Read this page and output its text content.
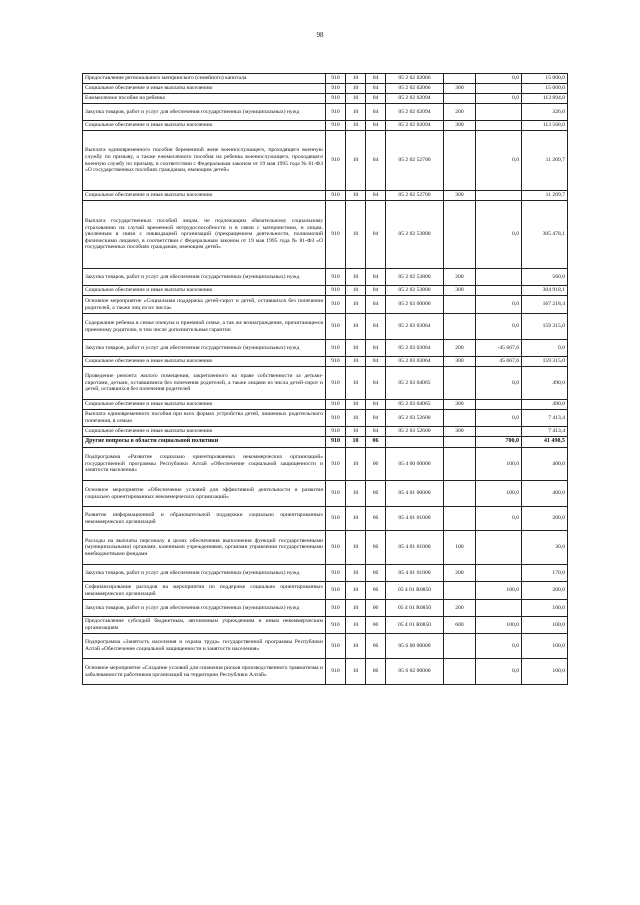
98
Предоставление регионального материнского (семейного) капитала	910	10	04	05 2 02 02066		0,0	15 000,0
Социальное обеспечение и иные выплаты населению	910	10	04	05 2 02 02066	300		15 000,0
Ежемесячное пособие на ребенка	910	10	04	05 2 02 02094		0,0	113 894,0
Закупка товаров, работ и услуг для обеспечения государственных (муниципальных) нужд	910	10	04	05 2 02 02094	200		326,0
Социальное обеспечение и иные выплаты населению	910	10	04	05 2 02 02094	300		113 568,0
Выплата единовременного пособия беременной жене военнослужащего, проходящего военную службу по призыву, а также ежемесячного пособия на ребенка военнослужащего, проходящего военную службу по призыву, в соответствии с Федеральным законом от 19 мая 1995 года № 81-ФЗ «О государственных пособиях гражданам, имеющим детей»	910	10	04	05 2 02 52700		0,0	11 209,7
Социальное обеспечение и иные выплаты населению	910	10	04	05 2 02 52700	300		11 209,7
Выплата государственных пособий лицам, не подлежащим обязательному социальному страхованию на случай временной нетрудоспособности и в связи с материнством, и лицам, уволенным в связи с ликвидацией организаций (прекращением деятельности, полномочий физическими лицами), в соответствии с Федеральным законом от 19 мая 1995 года № 81-ФЗ «О государственных пособиях гражданам, имеющим детей»	910	10	04	05 2 02 53800		0,0	305 478,1
Закупка товаров, работ и услуг для обеспечения государственных (муниципальных) нужд	910	10	04	05 2 02 53800	200		560,0
Социальное обеспечение и иные выплаты населению	910	10	04	05 2 02 53800	300		304 918,1
Основное мероприятие «Социальная поддержка детей-сирот и детей, оставшихся без попечения родителей, а также лиц из их числа»	910	10	04	05 2 03 00000		0,0	167 218,4
Содержание ребенка в семье опекуна и приемной семье, а так же вознаграждение, причитающееся приемному родителю, в том числе дополнительные гарантии	910	10	04	05 2 03 03064		0,0	159 315,0
Закупка товаров, работ и услуг для обеспечения государственных (муниципальных) нужд	910	10	04	05 2 03 03064	200	-45 667,6	0,0
Социальное обеспечение и иные выплаты населению	910	10	04	05 2 03 03064	300	45 667,6	159 315,0
Проведение ремонта жилого помещения, закрепленного на праве собственности за детьми-сиротами, детьми, оставшимися без попечения родителей, а также лицами из числа детей-сирот и детей, оставшихся без попечения родителей	910	10	04	05 2 03 04065		0,0	490,0
Социальное обеспечение и иные выплаты населению	910	10	04	05 2 03 04065	300		490,0
Выплата единовременного пособия при всех формах устройства детей, лишенных родительского попечения, в семью	910	10	04	05 2 03 52600		0,0	7 413,4
Социальное обеспечение и иные выплаты населению	910	10	04	05 2 03 52600	300		7 413,4
Другие вопросы в области социальной политики	910	10	06			700,0	41 498,5
Подпрограмма «Развитие социально ориентированных некоммерческих организаций» государственной программы Республики Алтай «Обеспечение социальной защищенности и занятости населения»	910	10	06	05 4 00 00000		100,0	400,0
Основное мероприятие «Обеспечение условий для эффективной деятельности и развития социально ориентированных некоммерческих организаций»	910	10	06	05 4 01 00000		100,0	400,0
Развитие информационной и образовательной поддержки социально ориентированных некоммерческих организаций	910	10	06	05 4 01 01000		0,0	200,0
Расходы на выплаты персоналу в целях обеспечения выполнения функций государственными (муниципальными) органами, казенными учреждениями, органами управления государственными внебюджетными фондами	910	10	06	05 4 01 01000	100		30,0
Закупка товаров, работ и услуг для обеспечения государственных (муниципальных) нужд	910	10	06	05 4 01 01000	200		170,0
Софинансирование расходов на мероприятия по поддержке социально ориентированных некоммерческих организаций	910	10	06	05 4 01 R0850		100,0	200,0
Закупка товаров, работ и услуг для обеспечения государственных (муниципальных) нужд	910	10	06	05 4 01 R0850	200		100,0
Предоставление субсидий бюджетным, автономным учреждениям и иным некоммерческим организациям	910	10	06	05 4 01 R0850	600	100,0	100,0
Подпрограмма «Занятость населения и охрана труда» государственной программы Республики Алтай «Обеспечение социальной защищенности и занятости населения»	910	10	06	05 6 00 00000		0,0	100,0
Основное мероприятие «Создание условий для снижения рисков производственного травматизма и заболеваемости работников организаций на территории Республики Алтай»	910	10	06	05 6 02 00000		0,0	100,0
